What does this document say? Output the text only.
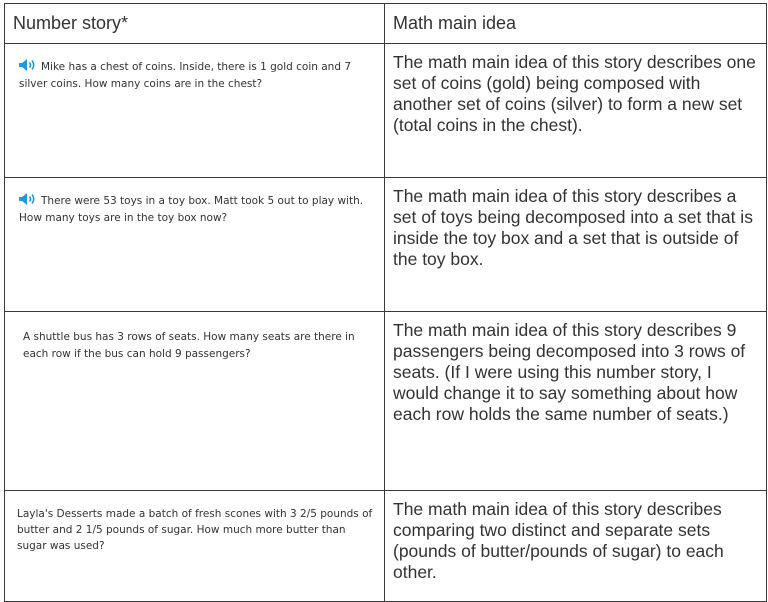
Number story*	Math main idea
Mike has a chest of coins. Inside, there is 1 gold coin and 7 silver coins. How many coins are in the chest?	The math main idea of this story describes one set of coins (gold) being composed with another set of coins (silver) to form a new set (total coins in the chest).
There were 53 toys in a toy box. Matt took 5 out to play with. How many toys are in the toy box now?	The math main idea of this story describes a set of toys being decomposed into a set that is inside the toy box and a set that is outside of the toy box.
A shuttle bus has 3 rows of seats. How many seats are there in each row if the bus can hold 9 passengers?	The math main idea of this story describes 9 passengers being decomposed into 3 rows of seats. (If I were using this number story, I would change it to say something about how each row holds the same number of seats.)
Layla's Desserts made a batch of fresh scones with 3 2/5 pounds of butter and 2 1/5 pounds of sugar. How much more butter than sugar was used?	The math main idea of this story describes comparing two distinct and separate sets (pounds of butter/pounds of sugar) to each other.
